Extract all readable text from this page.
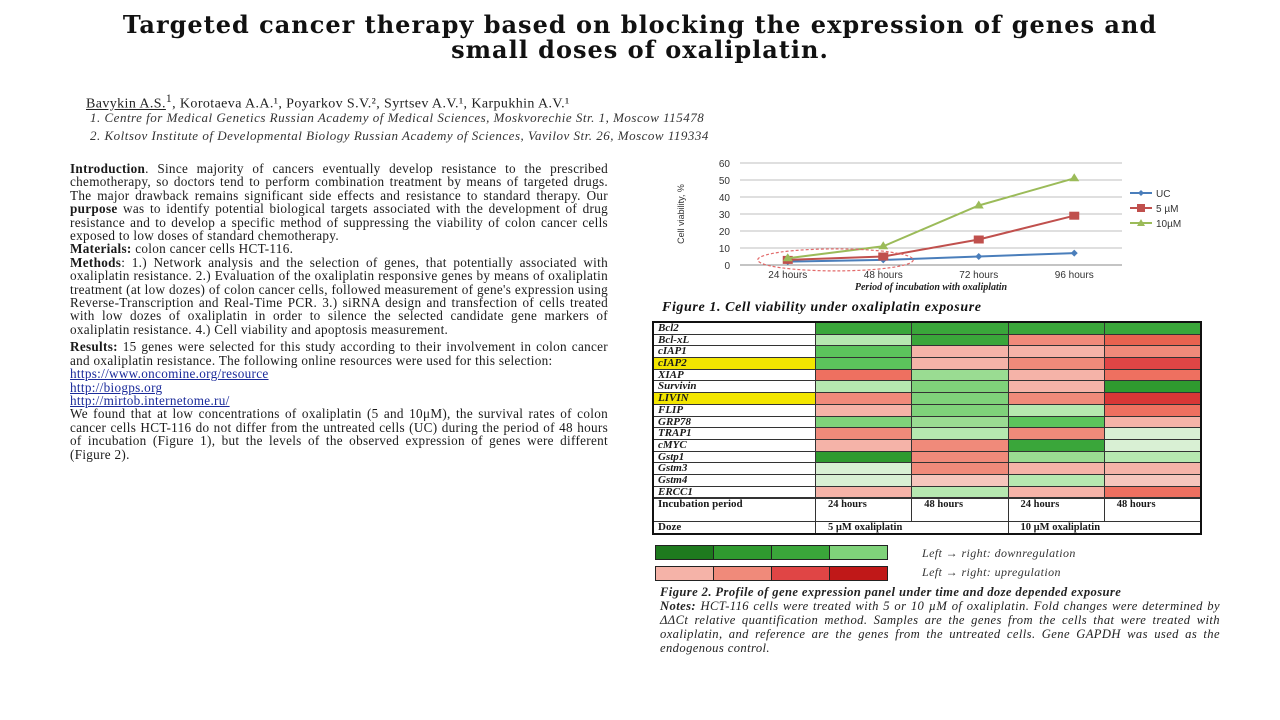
Targeted cancer therapy based on blocking the expression of genes and small doses of oxaliplatin.
Bavykin A.S.$^1$, Korotaeva A.A.¹, Poyarkov S.V.², Syrtsev A.V.¹, Karpukhin A.V.¹
1. Centre for Medical Genetics Russian Academy of Medical Sciences, Moskvorechie Str. 1, Moscow 115478
2. Koltsov Institute of Developmental Biology Russian Academy of Sciences, Vavilov Str. 26, Moscow 119334

Introduction. Since majority of cancers eventually develop resistance to the prescribed chemotherapy, so doctors tend to perform combination treatment by means of targeted drugs. The major drawback remains significant side effects and resistance to standard therapy. Our purpose was to identify potential biological targets associated with the development of drug resistance and to develop a specific method of suppressing the viability of colon cancer cells exposed to low doses of standard chemotherapy.

Materials: colon cancer cells HCT-116.

Methods: 1.) Network analysis and the selection of genes, that potentially associated with oxaliplatin resistance. 2.) Evaluation of the oxaliplatin responsive genes by means of oxaliplatin treatment (at low dozes) of colon cancer cells, followed measurement of gene's expression using Reverse-Transcription and Real-Time PCR. 3.) siRNA design and transfection of cells treated with low dozes of oxaliplatin in order to silence the selected candidate gene markers of oxaliplatin resistance. 4.) Cell viability and apoptosis measurement.

Results: 15 genes were selected for this study according to their involvement in colon cancer and oxaliplatin resistance. The following online resources were used for this selection:

https://www.oncomine.org/resource
http://biogps.org
http://mirtob.internetome.ru/

We found that at low concentrations of oxaliplatin (5 and 10μM), the survival rates of colon cancer cells HCT-116 do not differ from the untreated cells (UC) during the period of 48 hours of incubation (Figure 1), but the levels of the observed expression of genes were different (Figure 2).

0
10
20
30
40
50
60
24 hours	48 hours	72 hours	96 hours
Period of incubation with oxaliplatin
Cell viability, %	UC
5 µM
10µM
Figure 1. Cell viability under oxaliplatin exposure
Bcl2
Bcl-xL
cIAP1
cIAP2
XIAP
Survivin
LIVIN
FLIP
GRP78
TRAP1
cMYC
Gstp1
Gstm3
Gstm4
ERCC1
Incubation period	24 hours	48 hours	24 hours	48 hours
Doze	5 µM oxaliplatin	10 µM oxaliplatin
Left → right: downregulation
Left → right: upregulation
Figure 2. Profile of gene expression panel under time and doze depended exposure
Notes: HCT-116 cells were treated with 5 or 10 µM of oxaliplatin. Fold changes were determined by ΔΔCt relative quantification method. Samples are the genes from the cells that were treated with oxaliplatin, and reference are the genes from the untreated cells. Gene GAPDH was used as the endogenous control.
